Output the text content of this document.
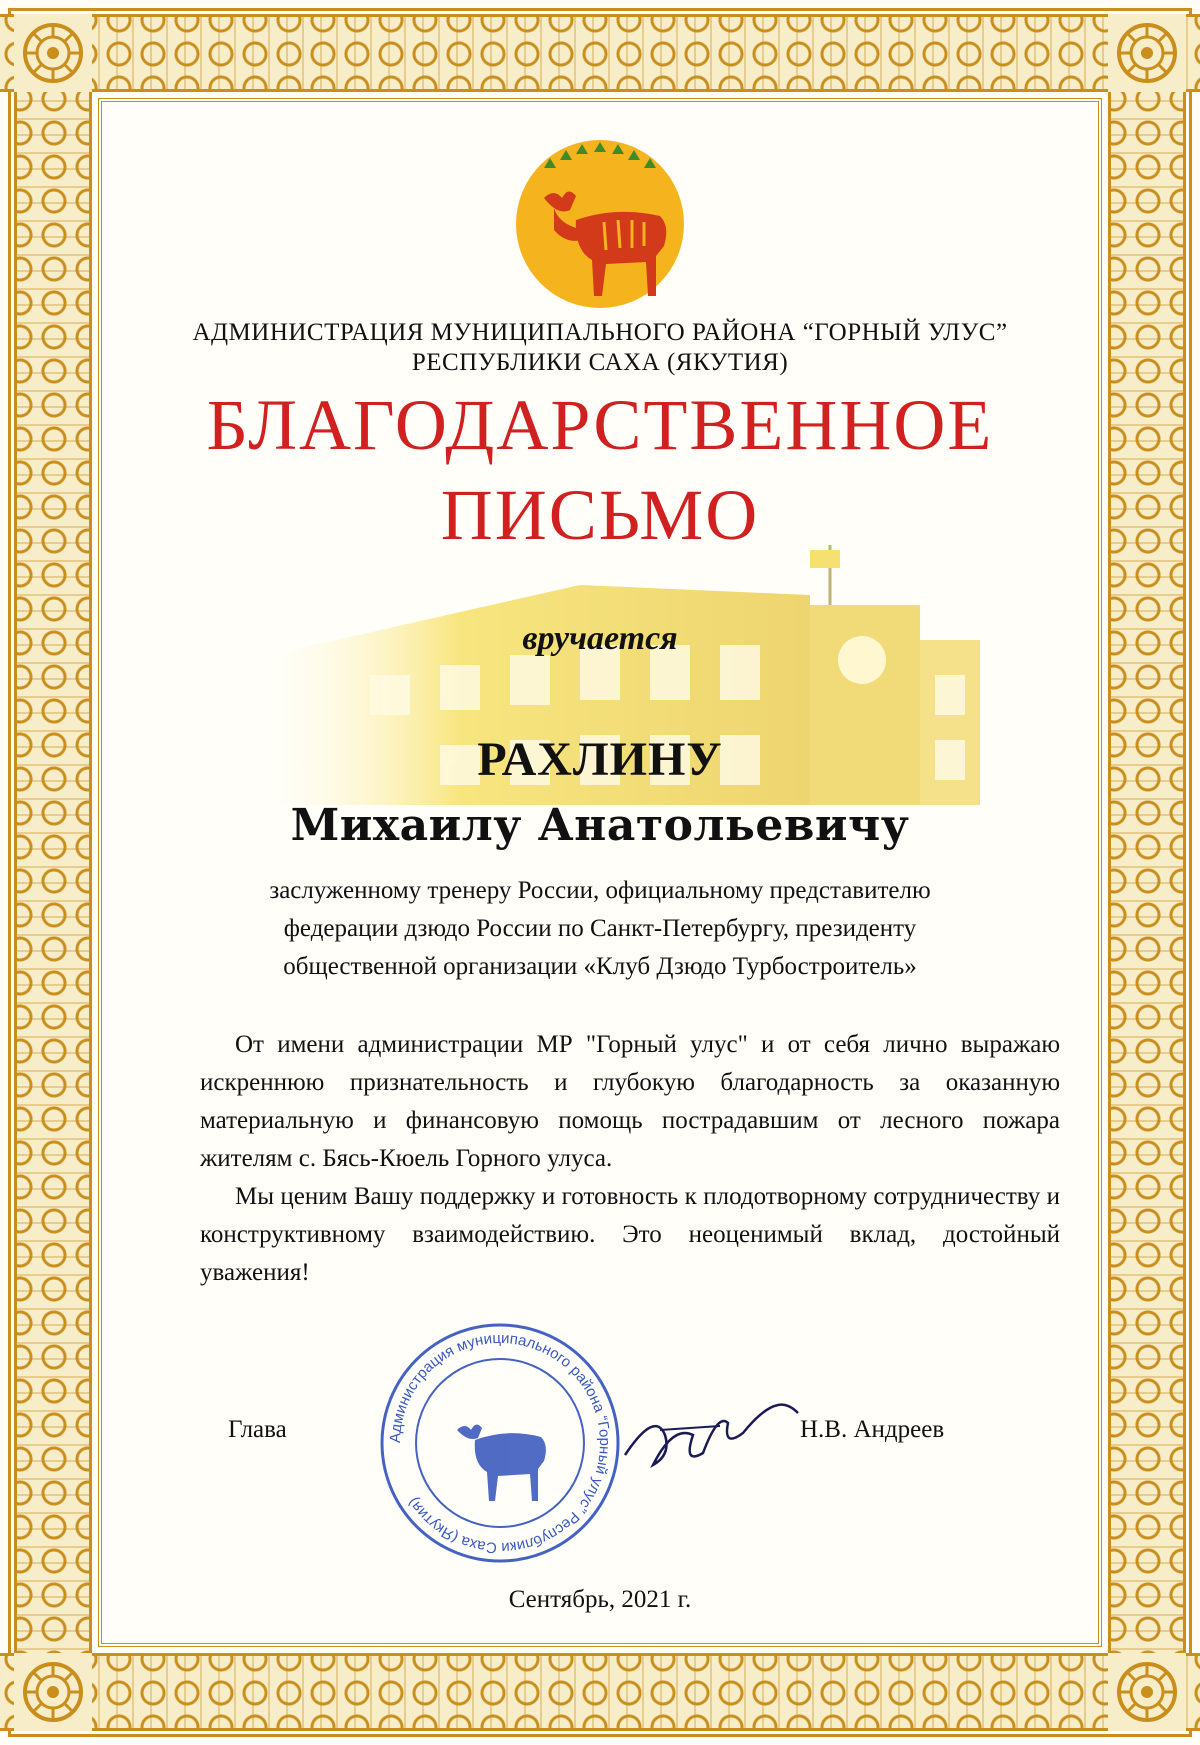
АДМИНИСТРАЦИЯ МУНИЦИПАЛЬНОГО РАЙОНА “ГОРНЫЙ УЛУС”
РЕСПУБЛИКИ САХА (ЯКУТИЯ)
БЛАГОДАРСТВЕННОЕ
ПИСЬМО
вручается
РАХЛИНУ
Михаилу Анатольевичу
заслуженному тренеру России, официальному представителю
федерации дзюдо России по Санкт-Петербургу, президенту
общественной организации «Клуб Дзюдо Турбостроитель»

От имени администрации МР "Горный улус" и от себя лично выражаю искреннюю признательность и глубокую благодарность за оказанную материальную и финансовую помощь пострадавшим от лесного пожара жителям с. Бясь-Кюель Горного улуса.

Мы ценим Вашу поддержку и готовность к плодотворному сотрудничеству и конструктивному взаимодействию. Это неоценимый вклад, достойный уважения!

Администрация муниципального района “Горный улус” Республики Саха (Якутия)
Глава	Н.В. Андреев
Сентябрь, 2021 г.
